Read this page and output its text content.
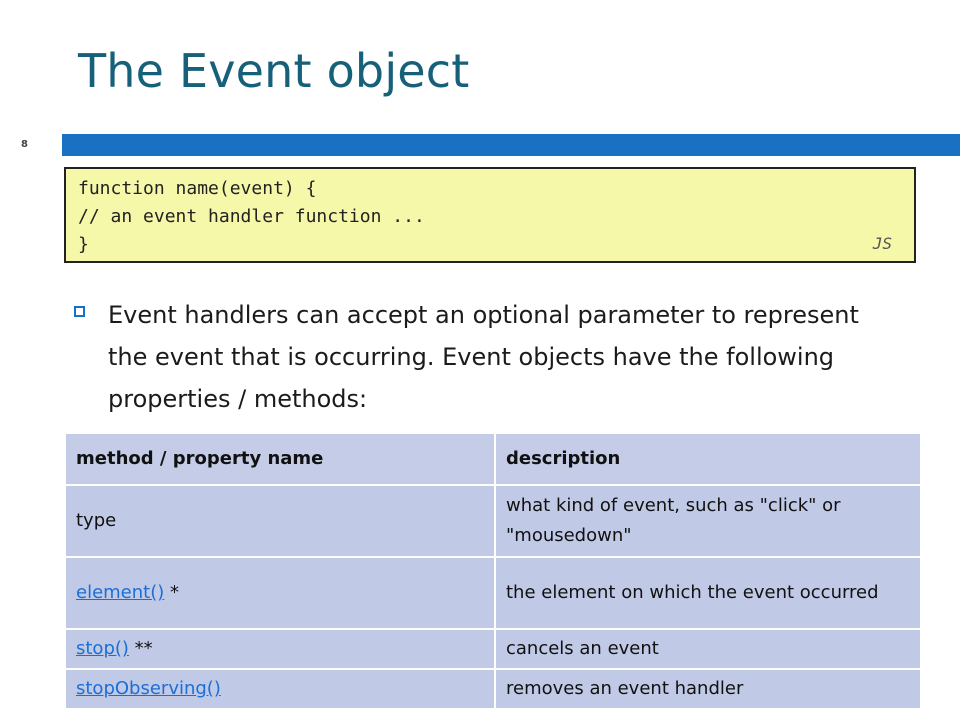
The Event object
8
function name(event) {
// an event handler function ...
}	JS
Event handlers can accept an optional parameter to represent the event that is occurring. Event objects have the following properties / methods:
method / property name	description
type	what kind of event, such as "click" or "mousedown"
element() *	the element on which the event occurred
stop() **	cancels an event
stopObserving()	removes an event handler
